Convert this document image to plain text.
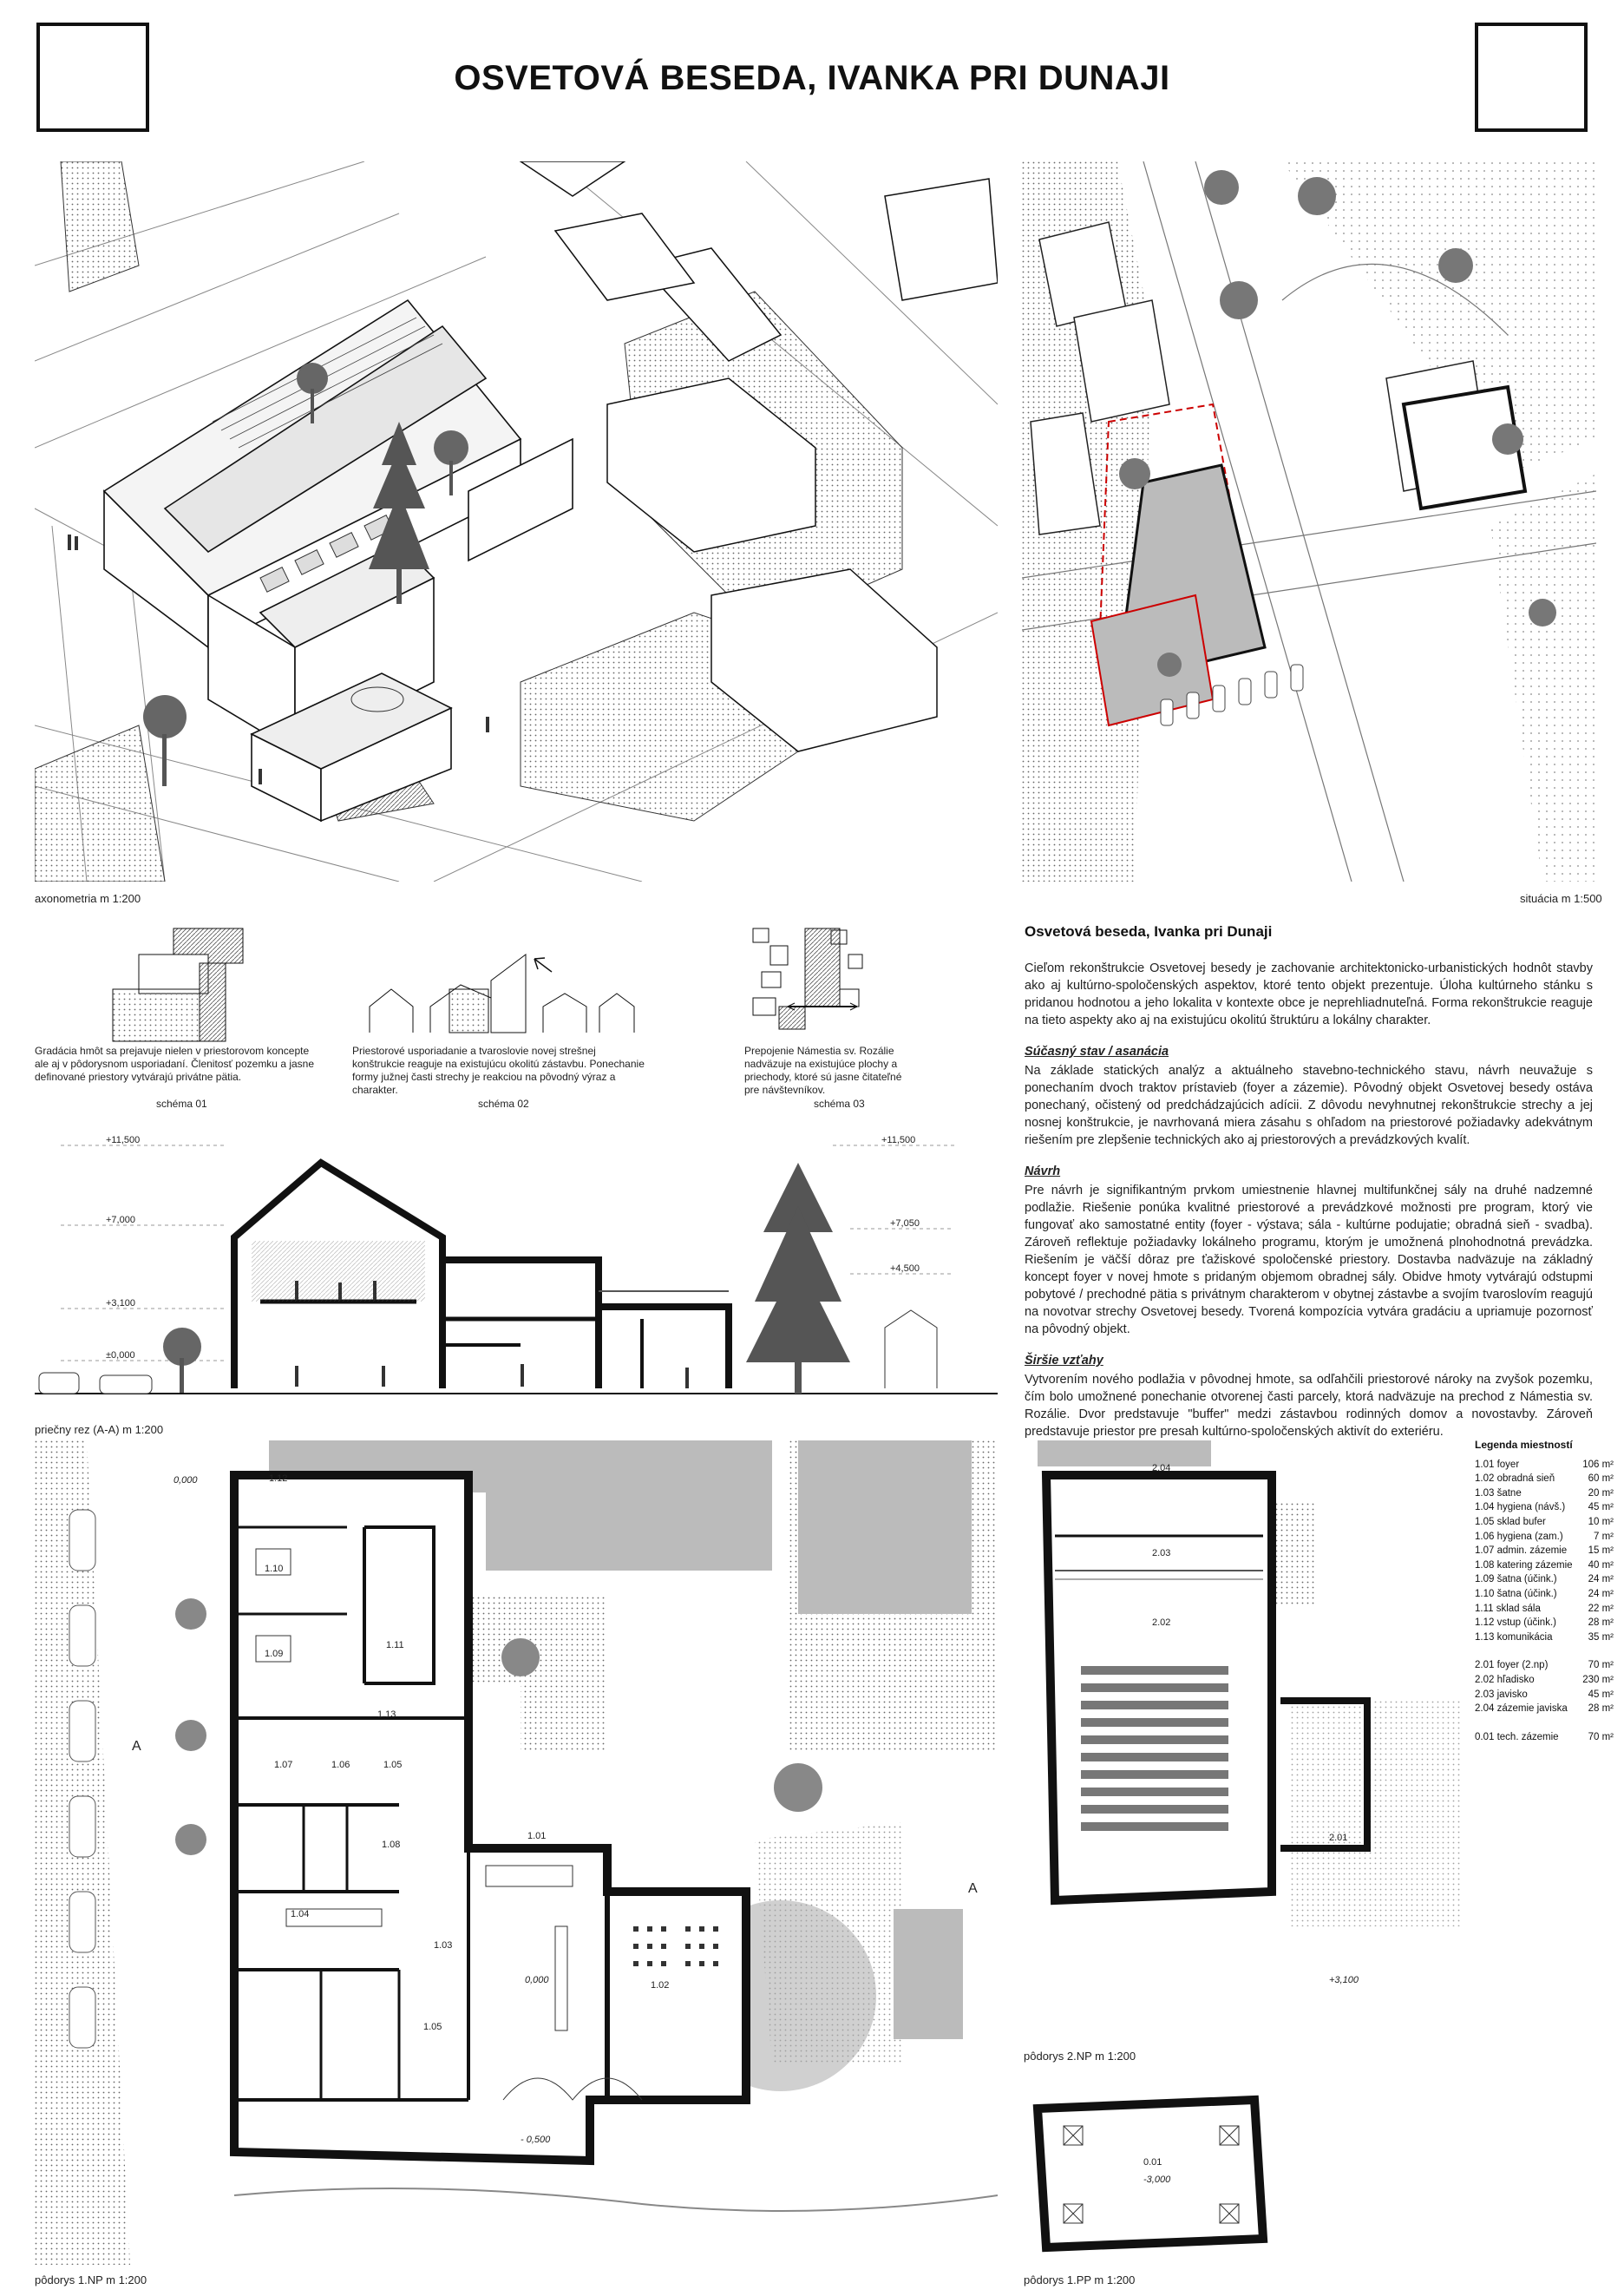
OSVETOVÁ BESEDA, IVANKA PRI DUNAJI
axonometria m 1:200	situácia m 1:500
Gradácia hmôt sa prejavuje nielen v priestorovom koncepte ale aj v pôdorysnom usporiadaní. Členitosť pozemku a jasne definované priestory vytvárajú privátne pätia.
schéma 01
Priestorové usporiadanie a tvaroslovie novej strešnej konštrukcie reaguje na existujúcu okolitú zástavbu. Ponechanie formy južnej časti strechy je reakciou na pôvodný výraz a charakter.
schéma 02
Prepojenie Námestia sv. Rozálie nadväzuje na existujúce plochy a priechody, ktoré sú jasne čitateľné pre návštevníkov.
schéma 03
+11,500
+7,000
+3,100
±0,000
+11,500
+7,050
+4,500
priečny rez (A-A) m 1:200
Osvetová beseda, Ivanka pri Dunaji

Cieľom rekonštrukcie Osvetovej besedy je zachovanie architektonicko-urbanistických hodnôt stavby ako aj kultúrno-spoločenských aspektov, ktoré tento objekt prezentuje. Úloha kultúrneho stánku s pridanou hodnotou a jeho lokalita v kontexte obce je neprehliadnuteľná. Forma rekonštrukcie reaguje na tieto aspekty ako aj na existujúcu okolitú štruktúru a lokálny charakter.

Súčasný stav / asanácia

Na základe statických analýz a aktuálneho stavebno-technického stavu, návrh neuvažuje s ponechaním dvoch traktov prístavieb (foyer a zázemie). Pôvodný objekt Osvetovej besedy ostáva ponechaný, očistený od predchádzajúcich adícii. Z dôvodu nevyhnutnej rekonštrukcie strechy a jej nosnej konštrukcie, je navrhovaná miera zásahu s ohľadom na priestorové požiadavky adekvátnym riešením pre zlepšenie technických ako aj priestorových a prevádzkových kvalít.

Návrh

Pre návrh je signifikantným prvkom umiestnenie hlavnej multifunkčnej sály na druhé nadzemné podlažie. Riešenie ponúka kvalitné priestorové a prevádzkové možnosti pre program, ktorý vie fungovať ako samostatné entity (foyer - výstava; sála - kultúrne podujatie; obradná sieň - svadba). Zároveň reflektuje požiadavky lokálneho programu, ktorým je umožnená plnohodnotná prevádzka. Riešením je väčší dôraz pre ťažiskové spoločenské priestory. Dostavba nadväzuje na základný koncept foyer v novej hmote s pridaným objemom obradnej sály. Obidve hmoty vytvárajú odstupmi pobytové / prechodné pätia s privátnym charakterom v obytnej zástavbe a svojím tvaroslovím reagujú na novotvar strechy Osvetovej besedy. Tvorená kompozícia vytvára gradáciu a upriamuje pozornosť na pôvodný objekt.

Širšie vzťahy

Vytvorením nového podlažia v pôvodnej hmote, sa odľahčili priestorové nároky na zvyšok pozemku, čím bolo umožnené ponechanie otvorenej časti parcely, ktorá nadväzuje na prechod z Námestia sv. Rozálie. Dvor predstavuje "buffer" medzi zástavbou rodinných domov a novostavby. Zároveň predstavuje priestor pre presah kultúrno-spoločenských aktivít do exteriéru.

0,000
0,000
- 0,500
1.12
1.10
1.09
1.11
1.13
1.07	1.06	1.05
1.08
1.04
1.03
1.05
1.01
1.02
A
A
pôdorys 1.NP m 1:200
2.04
2.03
2.02
2.01
+3,100
pôdorys 2.NP m 1:200
0.01
-3,000
pôdorys 1.PP m 1:200
Legenda miestností
1.01 foyer	106 m²
1.02 obradná sieň	60 m²
1.03 šatne	20 m²
1.04 hygiena (návš.) 45 m²
1.05 sklad bufer	10 m²
1.06 hygiena (zam.)	7 m²
1.07 admin. zázemie 15 m²
1.08 katering zázemie 40 m²
1.09 šatna (účink.)	24 m²
1.10 šatna (účink.)	24 m²
1.11 sklad sála	22 m²
1.12 vstup (účink.)	28 m²
1.13 komunikácia	35 m²
2.01 foyer (2.np)	70 m²
2.02 hľadisko	230 m²
2.03 javisko	45 m²
2.04 zázemie javiska 28 m²
0.01 tech. zázemie	70 m²
